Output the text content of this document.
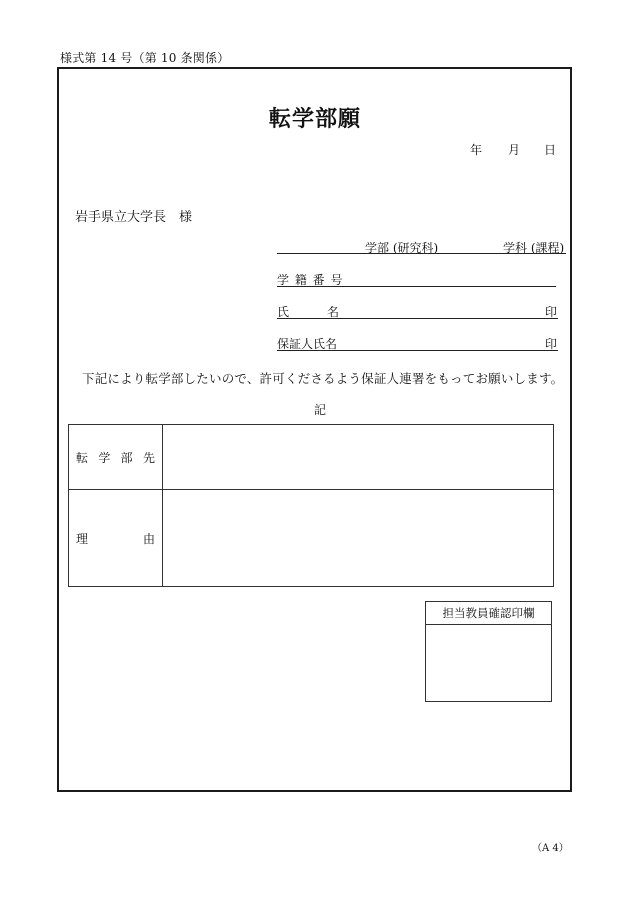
様式第 14 号（第 10 条関係）
転学部願
年 月 日
岩手県立大学長　様
学部 (研究科)	学科 (課程)
学 籍 番 号
氏	名	印
保証人氏名	印
下記により転学部したいので、許可くださるよう保証人連署をもってお願いします。
記
転 学 部 先	

理 由	

担当教員確認印欄
（A 4）
